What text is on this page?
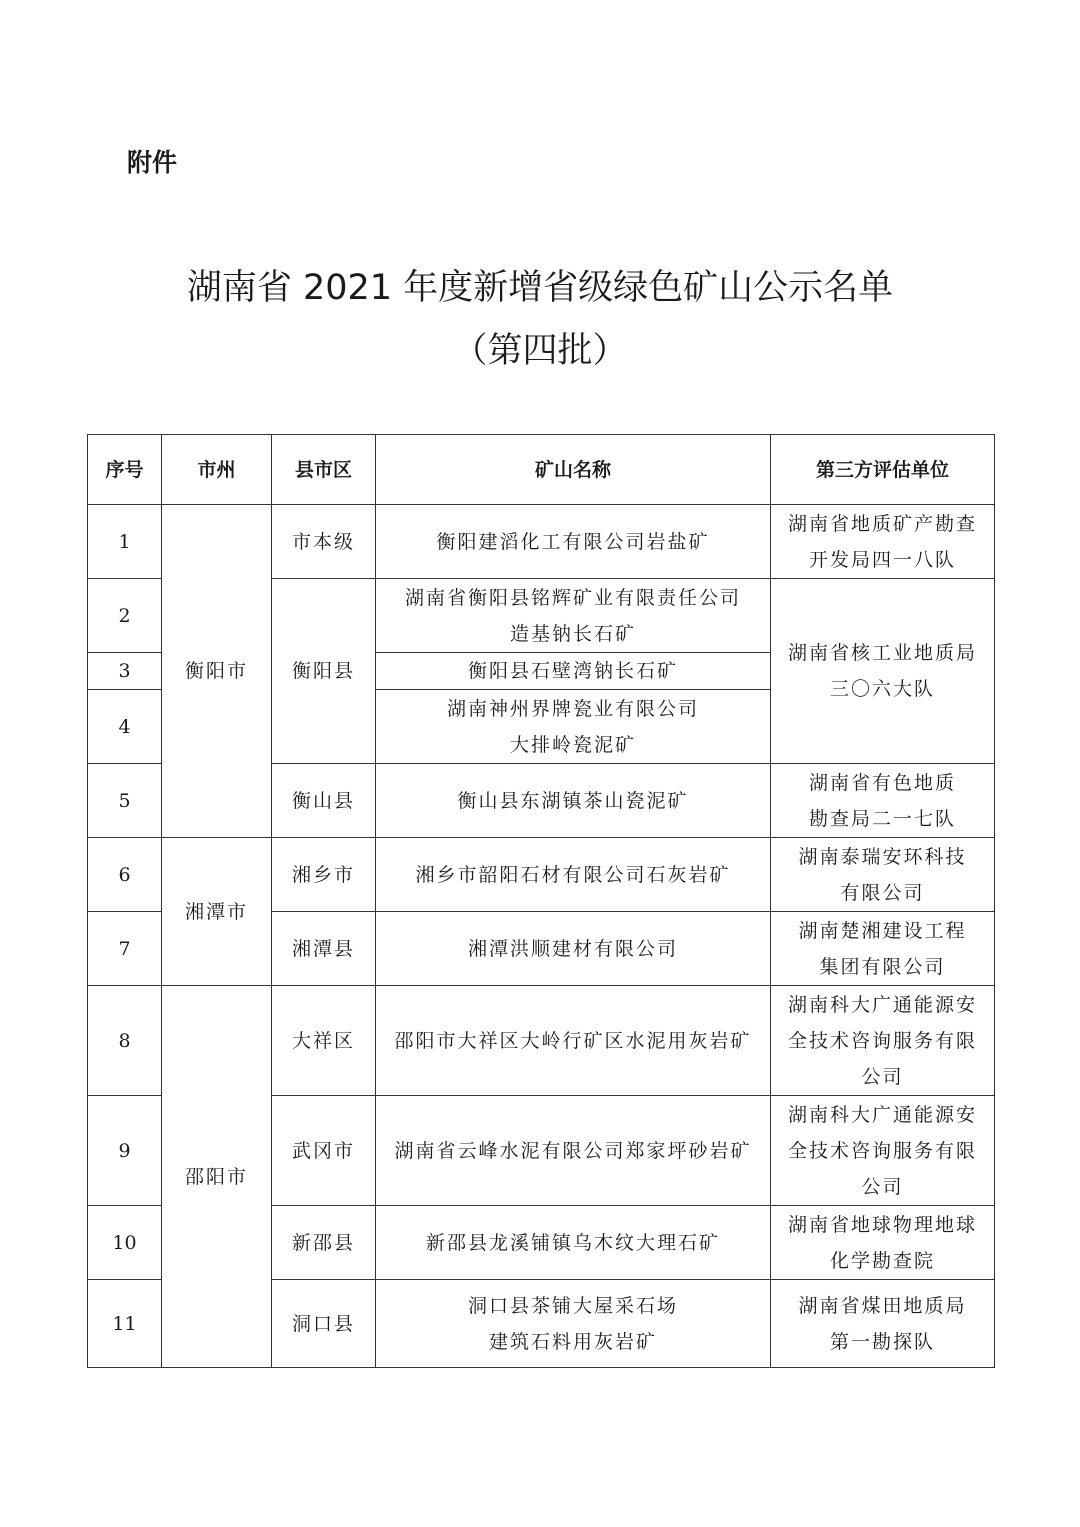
附件
湖南省 2021 年度新增省级绿色矿山公示名单
（第四批）
序号	市州	县市区	矿山名称	第三方评估单位
1	衡阳市	市本级	衡阳建滔化工有限公司岩盐矿	湖南省地质矿产勘查
开发局四一八队

2		衡阳县	湖南省衡阳县铭辉矿业有限责任公司
造基钠长石矿	湖南省核工业地质局
三〇六大队

3			衡阳县石壁湾钠长石矿	

4			湖南神州界牌瓷业有限公司
大排岭瓷泥矿	

5		衡山县	衡山县东湖镇茶山瓷泥矿	湖南省有色地质
勘查局二一七队

6	湘潭市	湘乡市	湘乡市韶阳石材有限公司石灰岩矿	湖南泰瑞安环科技
有限公司

7		湘潭县	湘潭洪顺建材有限公司	湖南楚湘建设工程
集团有限公司

8	邵阳市	大祥区	邵阳市大祥区大岭行矿区水泥用灰岩矿	湖南科大广通能源安
全技术咨询服务有限
公司

9		武冈市	湖南省云峰水泥有限公司郑家坪砂岩矿	湖南科大广通能源安
全技术咨询服务有限
公司

10		新邵县	新邵县龙溪铺镇乌木纹大理石矿	湖南省地球物理地球
化学勘查院

11		洞口县	洞口县茶铺大屋采石场
建筑石料用灰岩矿	湖南省煤田地质局
第一勘探队
